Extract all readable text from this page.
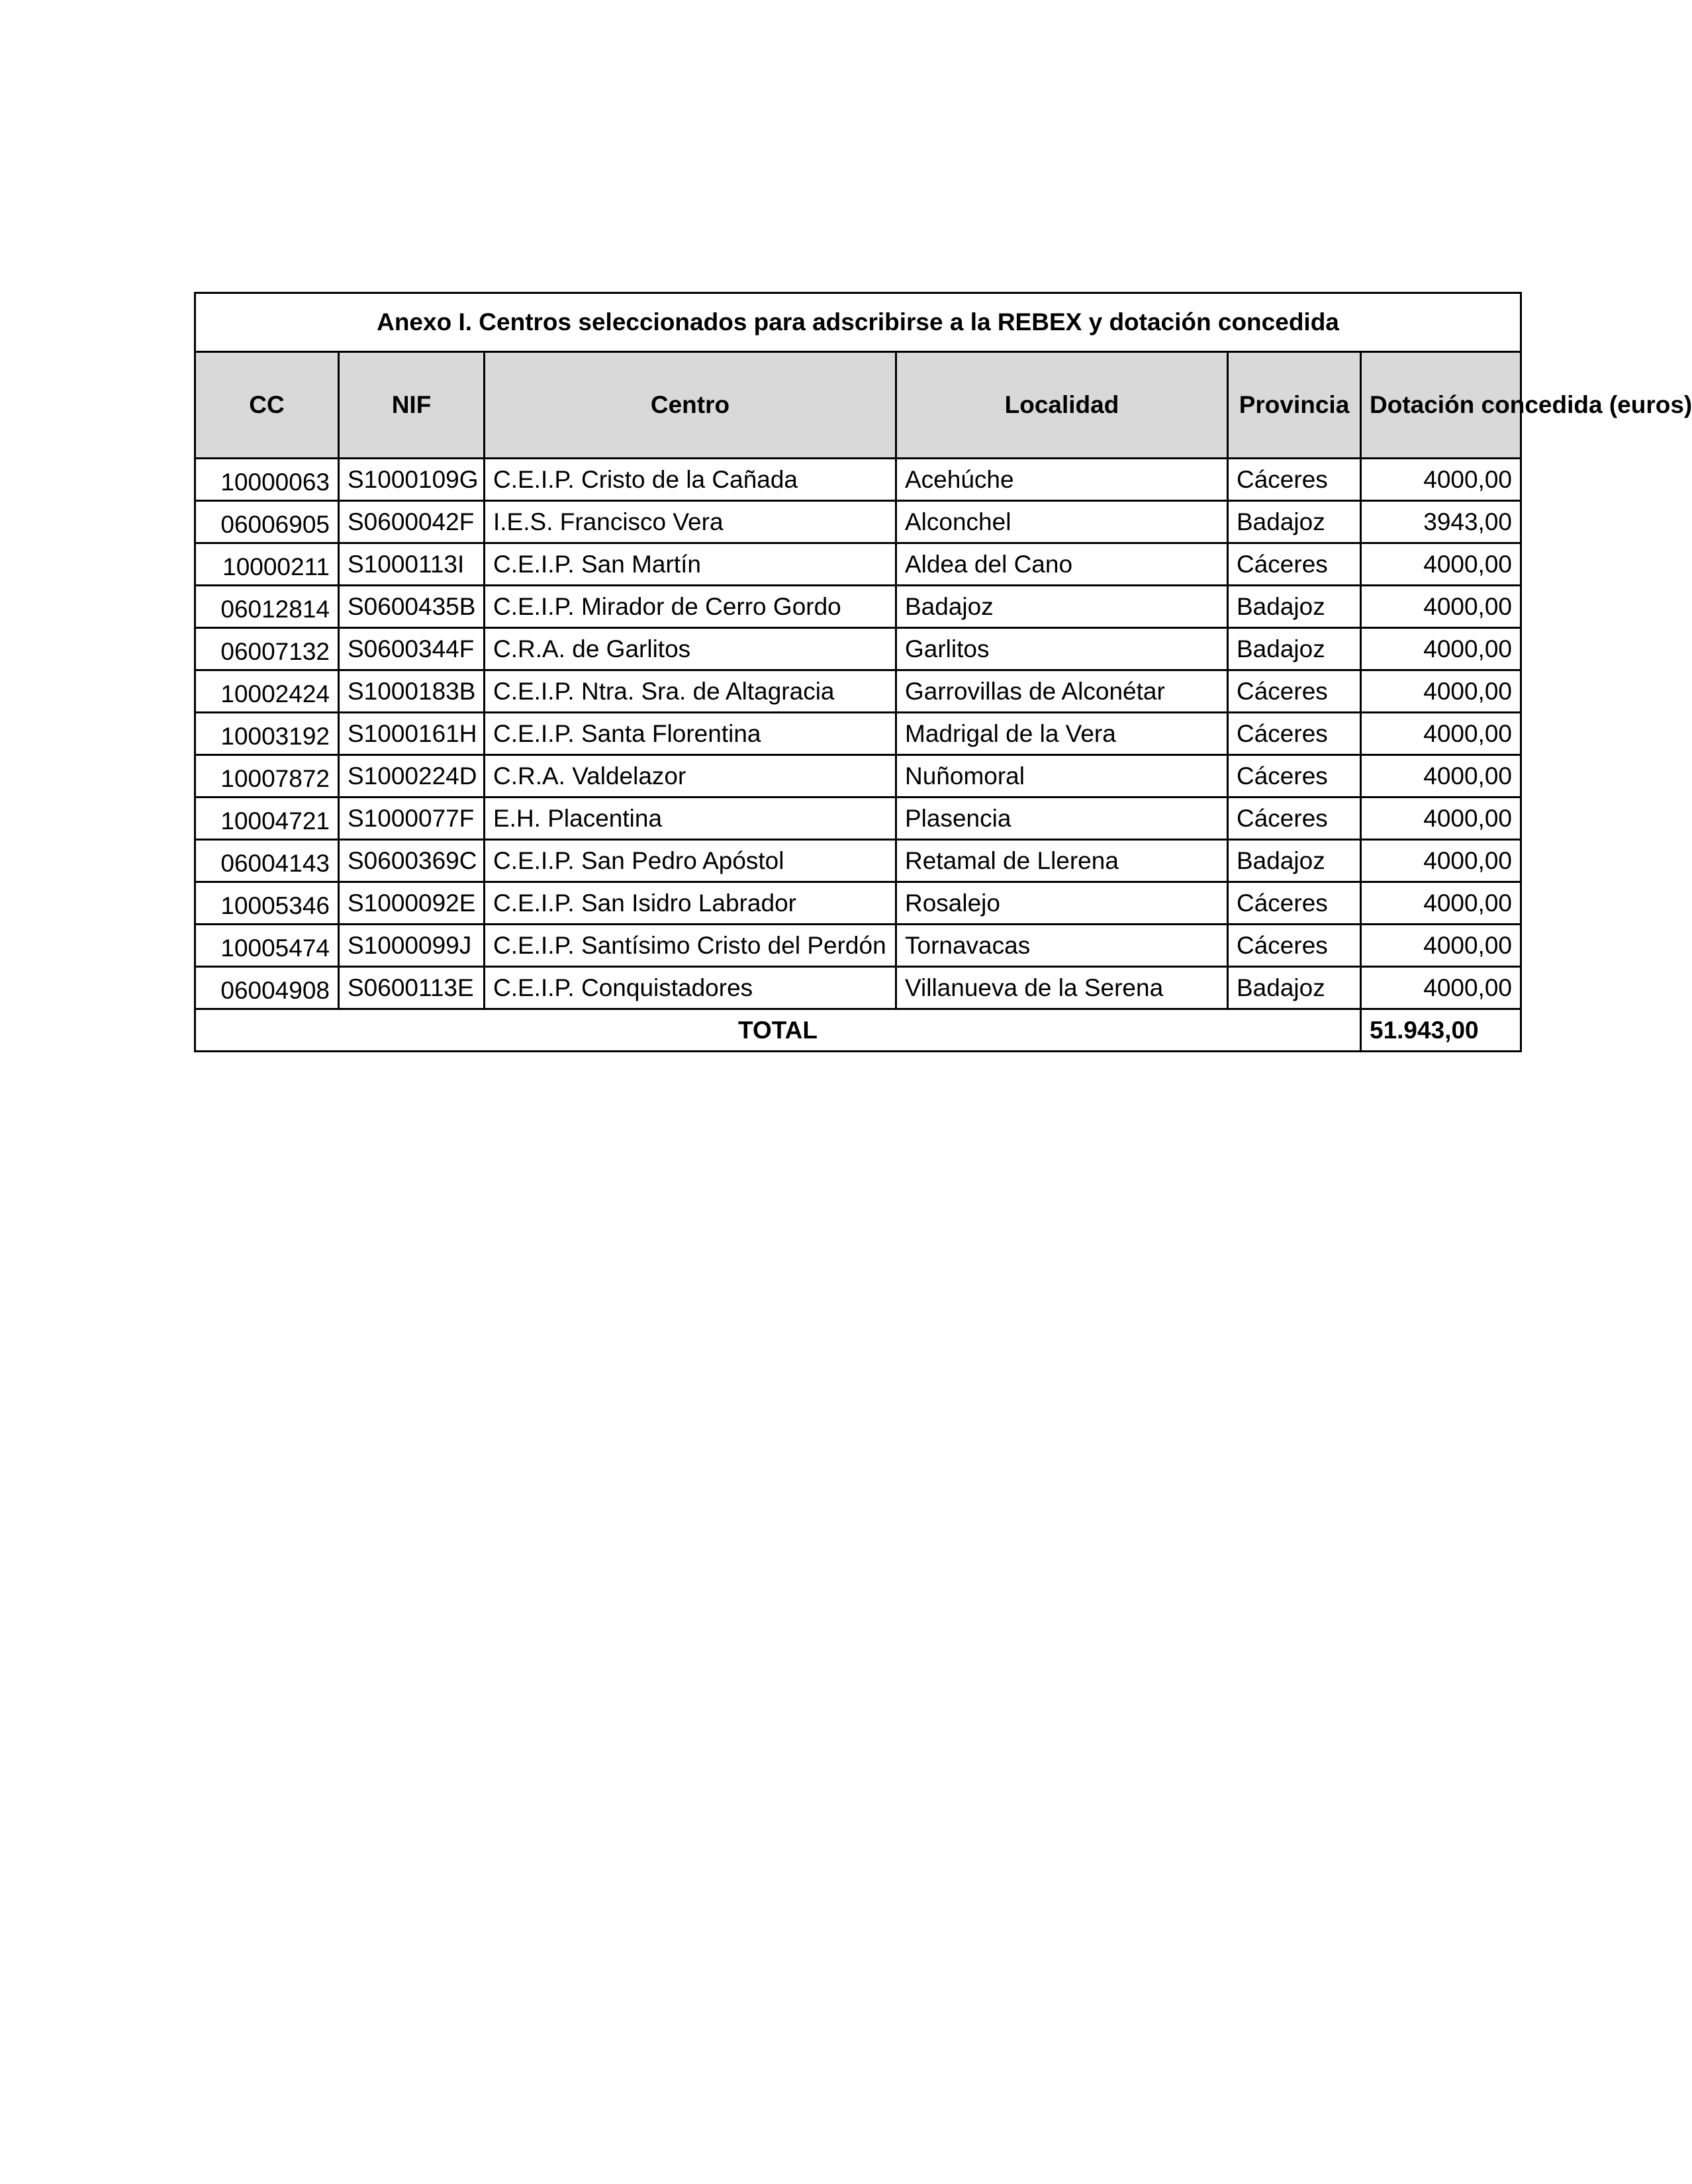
Anexo I. Centros seleccionados para adscribirse a la REBEX y dotación concedida					
CC	NIF	Centro	Localidad	Provincia	Dotación concedida (euros)
10000063	S1000109G	C.E.I.P. Cristo de la Cañada	Acehúche	Cáceres	4000,00
06006905	S0600042F	I.E.S. Francisco Vera	Alconchel	Badajoz	3943,00
10000211	S1000113I	C.E.I.P. San Martín	Aldea del Cano	Cáceres	4000,00
06012814	S0600435B	C.E.I.P. Mirador de Cerro Gordo	Badajoz	Badajoz	4000,00
06007132	S0600344F	C.R.A. de Garlitos	Garlitos	Badajoz	4000,00
10002424	S1000183B	C.E.I.P. Ntra. Sra. de Altagracia	Garrovillas de Alconétar	Cáceres	4000,00
10003192	S1000161H	C.E.I.P. Santa Florentina	Madrigal de la Vera	Cáceres	4000,00
10007872	S1000224D	C.R.A. Valdelazor	Nuñomoral	Cáceres	4000,00
10004721	S1000077F	E.H. Placentina	Plasencia	Cáceres	4000,00
06004143	S0600369C	C.E.I.P. San Pedro Apóstol	Retamal de Llerena	Badajoz	4000,00
10005346	S1000092E	C.E.I.P. San Isidro Labrador	Rosalejo	Cáceres	4000,00
10005474	S1000099J	C.E.I.P. Santísimo Cristo del Perdón	Tornavacas	Cáceres	4000,00
06004908	S0600113E	C.E.I.P. Conquistadores	Villanueva de la Serena	Badajoz	4000,00
TOTAL					51.943,00
